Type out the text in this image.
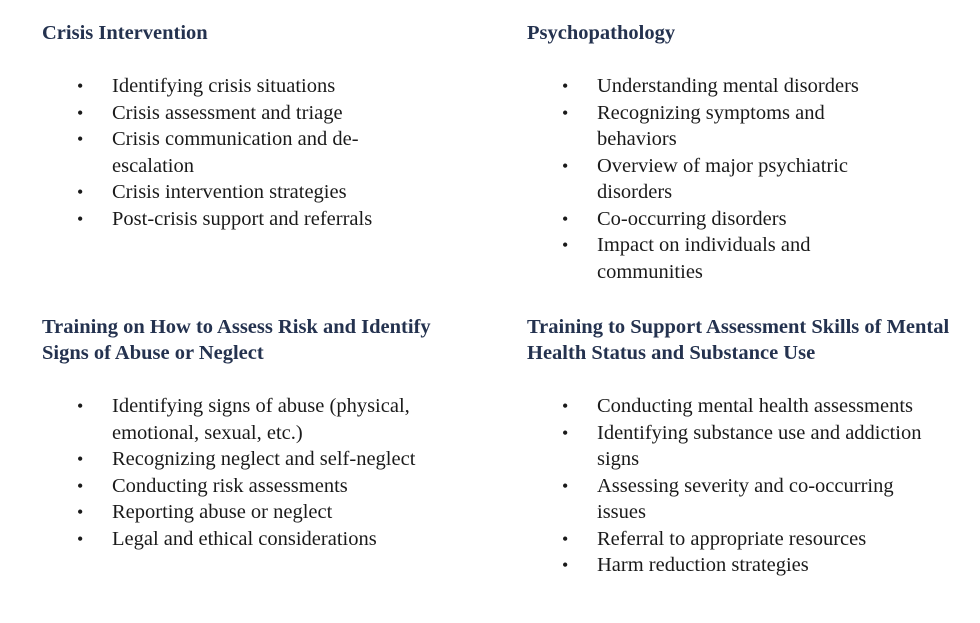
Crisis Intervention
• Identifying crisis situations
• Crisis assessment and triage
• Crisis communication and de-escalation
• Crisis intervention strategies
• Post-crisis support and referrals
Psychopathology
• Understanding mental disorders
• Recognizing symptoms and behaviors
• Overview of major psychiatric disorders
• Co-occurring disorders
• Impact on individuals and communities
Training on How to Assess Risk and Identify Signs of Abuse or Neglect
• Identifying signs of abuse (physical, emotional, sexual, etc.)
• Recognizing neglect and self-neglect
• Conducting risk assessments
• Reporting abuse or neglect
• Legal and ethical considerations
Training to Support Assessment Skills of Mental Health Status and Substance Use
• Conducting mental health assessments
• Identifying substance use and addiction signs
• Assessing severity and co-occurring issues
• Referral to appropriate resources
• Harm reduction strategies
